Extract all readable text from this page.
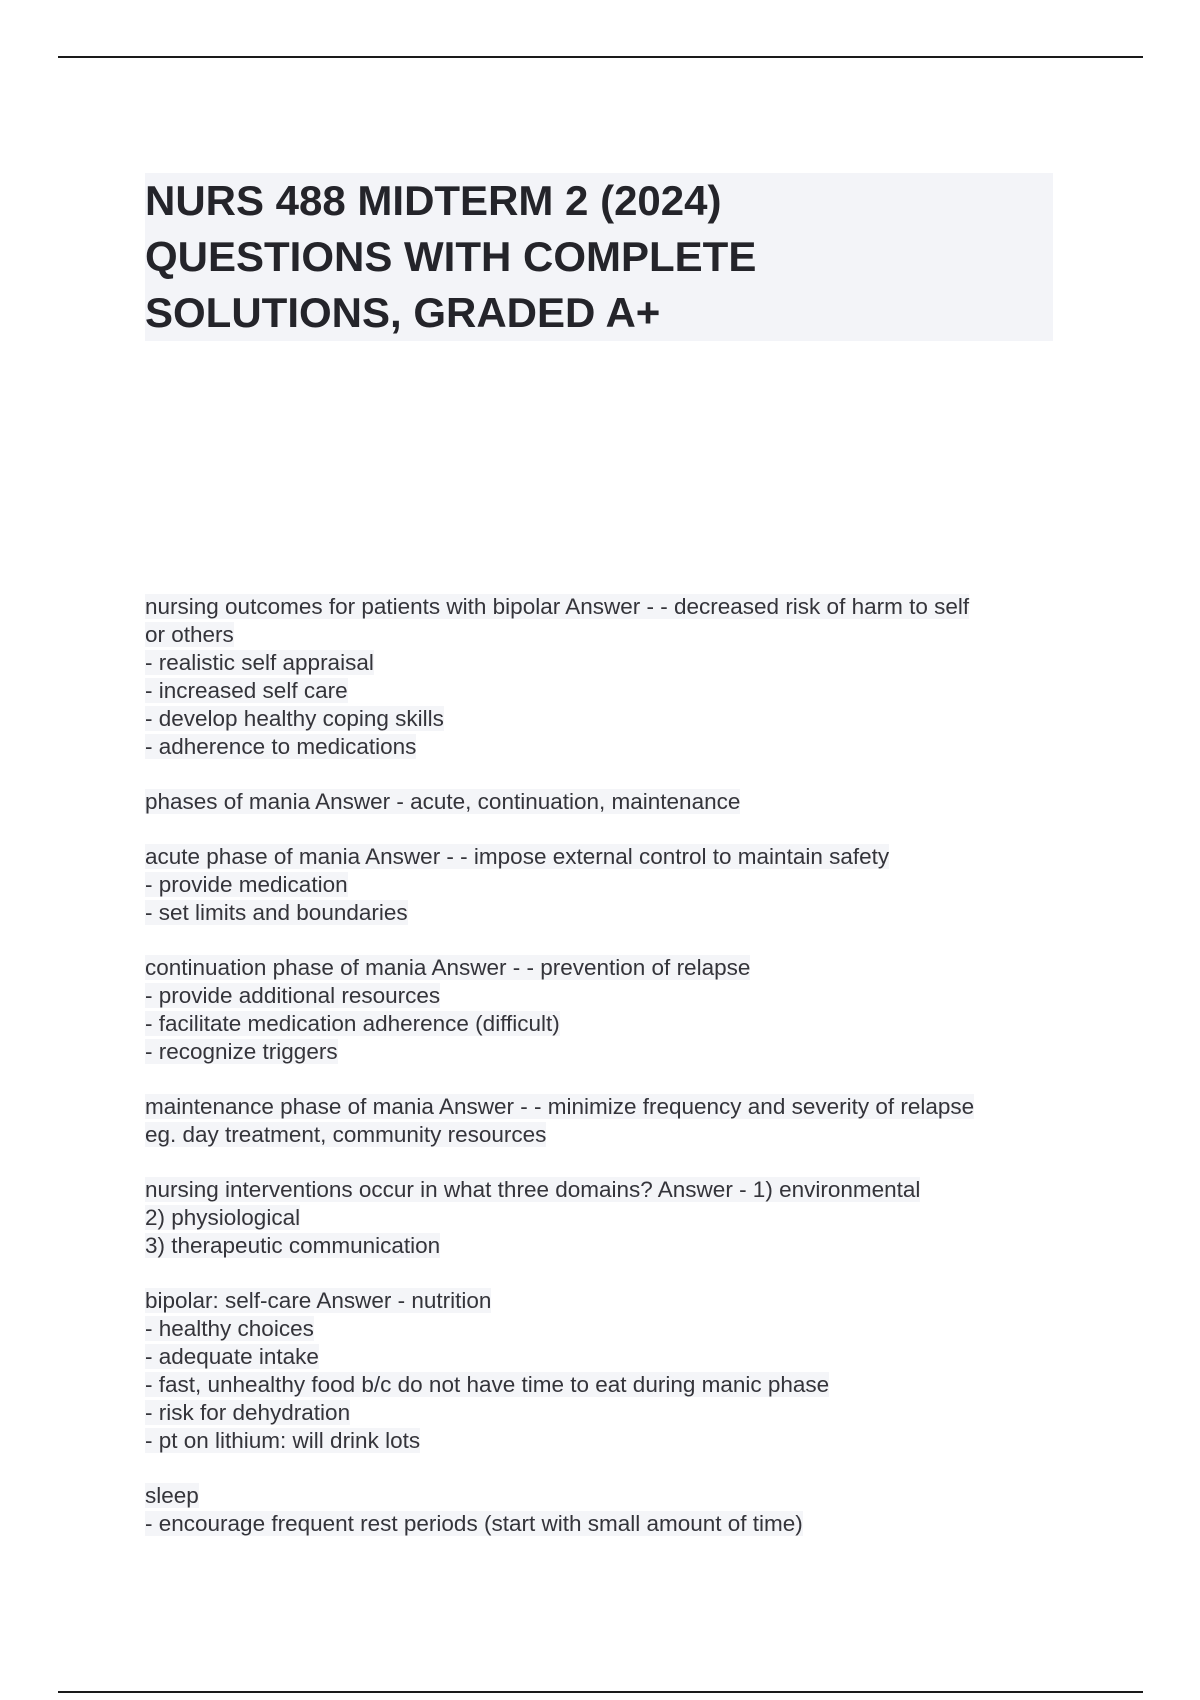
NURS 488 MIDTERM 2 (2024)

QUESTIONS WITH COMPLETE

SOLUTIONS, GRADED A+

nursing outcomes for patients with bipolar Answer - - decreased risk of harm to self
or others
- realistic self appraisal
- increased self care
- develop healthy coping skills
- adherence to medications
phases of mania Answer - acute, continuation, maintenance
acute phase of mania Answer - - impose external control to maintain safety
- provide medication
- set limits and boundaries
continuation phase of mania Answer - - prevention of relapse
- provide additional resources
- facilitate medication adherence (difficult)
- recognize triggers
maintenance phase of mania Answer - - minimize frequency and severity of relapse
eg. day treatment, community resources
nursing interventions occur in what three domains? Answer - 1) environmental
2) physiological
3) therapeutic communication
bipolar: self-care Answer - nutrition
- healthy choices
- adequate intake
- fast, unhealthy food b/c do not have time to eat during manic phase
- risk for dehydration
- pt on lithium: will drink lots
sleep
- encourage frequent rest periods (start with small amount of time)
